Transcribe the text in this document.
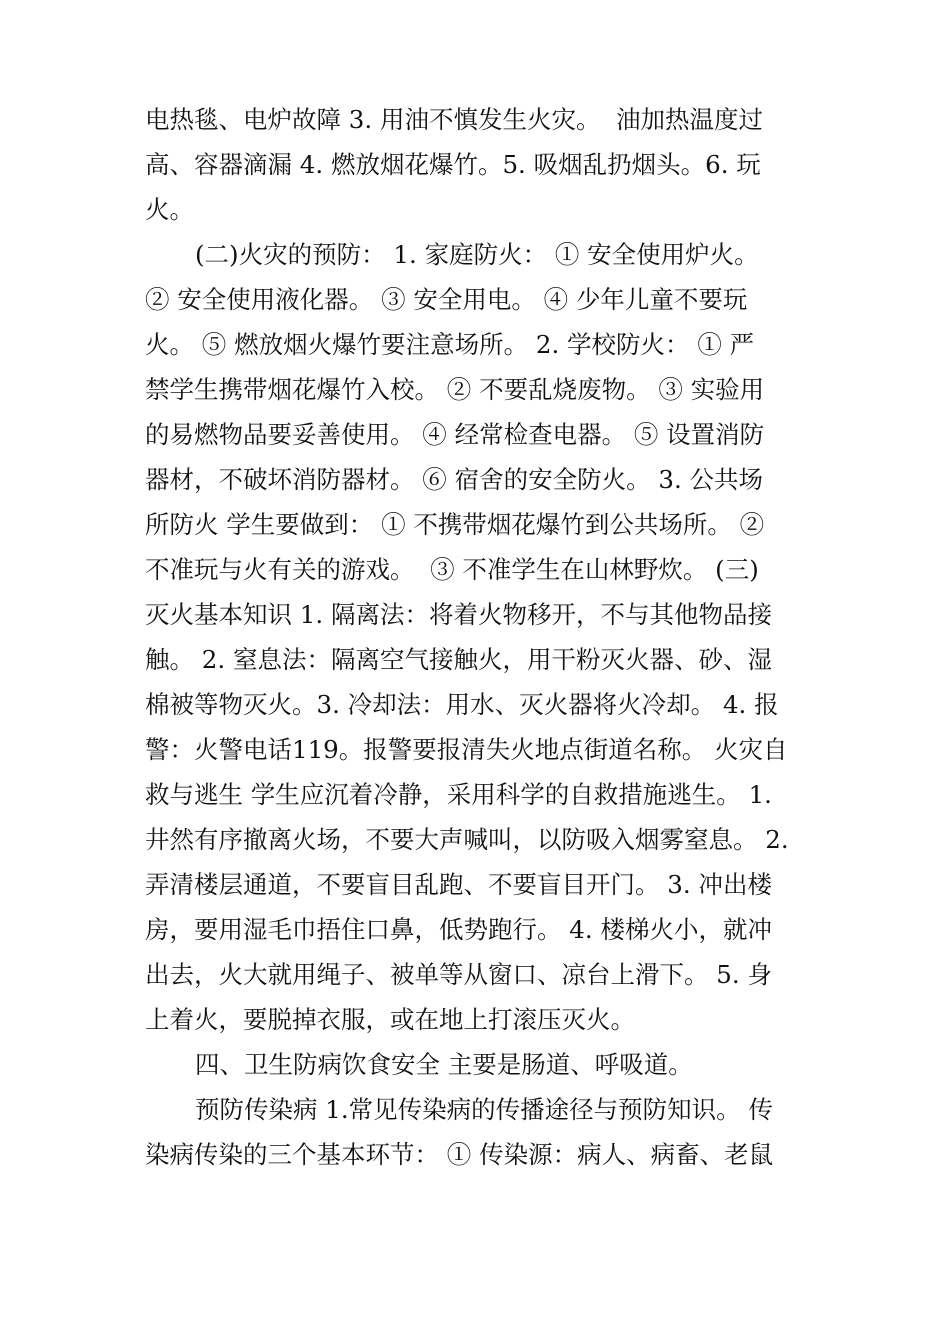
电热毯、电炉故障 3. 用油不慎发生火灾。  油加热温度过
高、容器滴漏 4. 燃放烟花爆竹。5. 吸烟乱扔烟头。6. 玩
火。
(二)火灾的预防： 1. 家庭防火： ① 安全使用炉火。
② 安全使用液化器。 ③ 安全用电。 ④ 少年儿童不要玩
火。 ⑤ 燃放烟火爆竹要注意场所。 2. 学校防火： ① 严
禁学生携带烟花爆竹入校。 ② 不要乱烧废物。 ③ 实验用
的易燃物品要妥善使用。 ④ 经常检查电器。 ⑤ 设置消防
器材，不破坏消防器材。 ⑥ 宿舍的安全防火。 3. 公共场
所防火 学生要做到： ① 不携带烟花爆竹到公共场所。 ②
不准玩与火有关的游戏。  ③ 不准学生在山林野炊。 (三)
灭火基本知识 1. 隔离法：将着火物移开，不与其他物品接
触。 2. 窒息法：隔离空气接触火，用干粉灭火器、砂、湿
棉被等物灭火。3. 冷却法：用水、灭火器将火冷却。 4. 报
警：火警电话119。报警要报清失火地点街道名称。 火灾自
救与逃生 学生应沉着冷静，采用科学的自救措施逃生。 1.
井然有序撤离火场，不要大声喊叫，以防吸入烟雾窒息。 2.
弄清楼层通道，不要盲目乱跑、不要盲目开门。 3. 冲出楼
房，要用湿毛巾捂住口鼻，低势跑行。 4. 楼梯火小，就冲
出去，火大就用绳子、被单等从窗口、凉台上滑下。 5. 身
上着火，要脱掉衣服，或在地上打滚压灭火。
四、卫生防病饮食安全 主要是肠道、呼吸道。
预防传染病 1.常见传染病的传播途径与预防知识。 传
染病传染的三个基本环节： ① 传染源：病人、病畜、老鼠
